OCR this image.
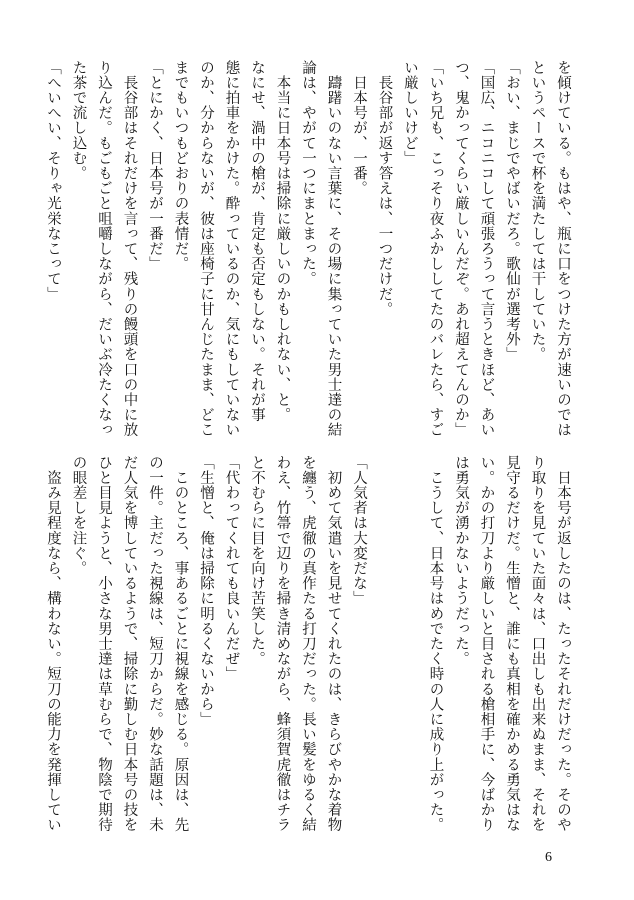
を傾けている。もはや、瓶に口をつけた方が速いのでは
というペースで杯を満たしては干していた。
「おい、まじでやばいだろ。歌仙が選考外」
「国広、ニコニコして頑張ろうって言うときほど、あい
つ、鬼かってくらい厳しいんだぞ。あれ超えてんのか」
「いち兄も、こっそり夜ふかししてたのバレたら、すご
い厳しいけど」
　長谷部が返す答えは、一つだけだ。
　日本号が、一番。
　躊躇いのない言葉に、その場に集っていた男士達の結
論は、やがて一つにまとまった。
　本当に日本号は掃除に厳しいのかもしれない、と。
なにせ、渦中の槍が、肯定も否定もしない。それが事
態に拍車をかけた。酔っているのか、気にもしていない
のか、分からないが、彼は座椅子に甘んじたまま、どこ
までもいつもどおりの表情だ。
「とにかく、日本号が一番だ」
　長谷部はそれだけを言って、残りの饅頭を口の中に放
り込んだ。もごもごと咀嚼しながら、だいぶ冷たくなっ
た茶で流し込む。
「へいへい、そりゃ光栄なこって」
　日本号が返したのは、たったそれだけだった。そのや
り取りを見ていた面々は、口出しも出来ぬまま、それを
見守るだけだ。生憎と、誰にも真相を確かめる勇気はな
い。かの打刀より厳しいと目される槍相手に、今ばかり
は勇気が湧かないようだった。
　こうして、日本号はめでたく時の人に成り上がった。

「人気者は大変だな」
　初めて気遣いを見せてくれたのは、きらびやかな着物
を纏う、虎徹の真作たる打刀だった。長い髪をゆるく結
わえ、竹箒で辺りを掃き清めながら、蜂須賀虎徹はチラ
と不むらに目を向け苦笑した。
「代わってくれても良いんだぜ」
「生憎と、俺は掃除に明るくないから」
　このところ、事あるごとに視線を感じる。原因は、先
の一件。主だった視線は、短刀からだ。妙な話題は、未
だ人気を博しているようで、掃除に勤しむ日本号の技を
ひと目見ようと、小さな男士達は草むらで、物陰で期待
の眼差しを注ぐ。
　盗み見程度なら、構わない。短刀の能力を発揮してい
6
